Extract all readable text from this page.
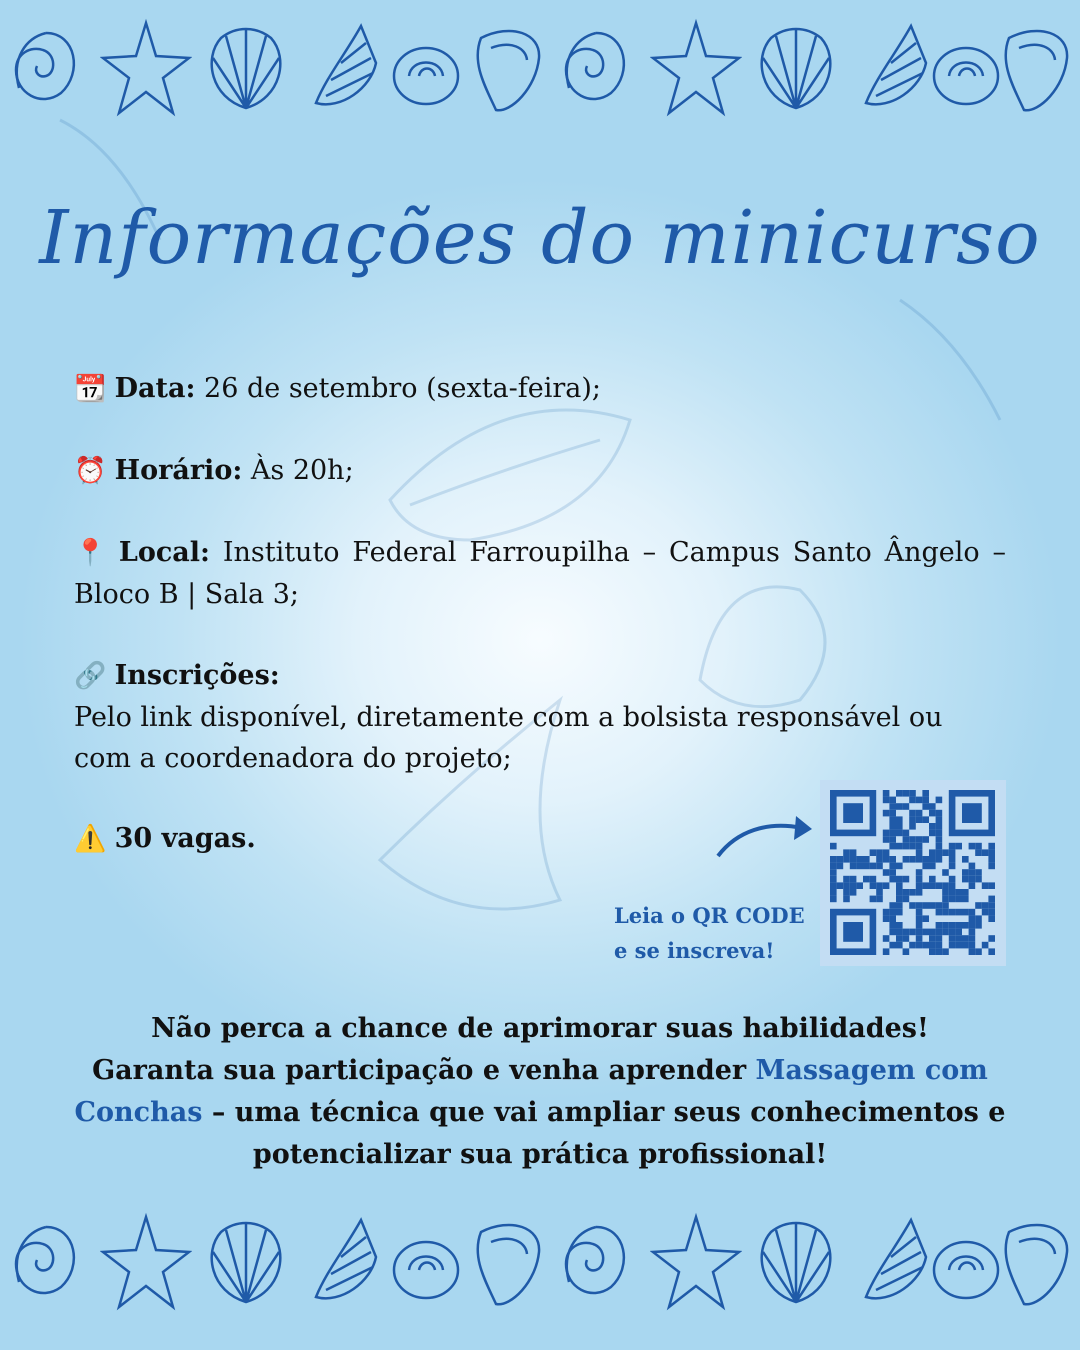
Informações do minicurso
📆 Data: 26 de setembro (sexta-feira);
⏰ Horário: Às 20h;
📍 Local: Instituto Federal Farroupilha – Campus Santo Ângelo – Bloco B | Sala 3;
🔗 Inscrições:
Pelo link disponível, diretamente com a bolsista responsável ou com a coordenadora do projeto;
⚠️ 30 vagas.
Leia o QR CODE
e se inscreva!
Não perca a chance de aprimorar suas habilidades!
Garanta sua participação e venha aprender Massagem com Conchas – uma técnica que vai ampliar seus conhecimentos e potencializar sua prática profissional!
